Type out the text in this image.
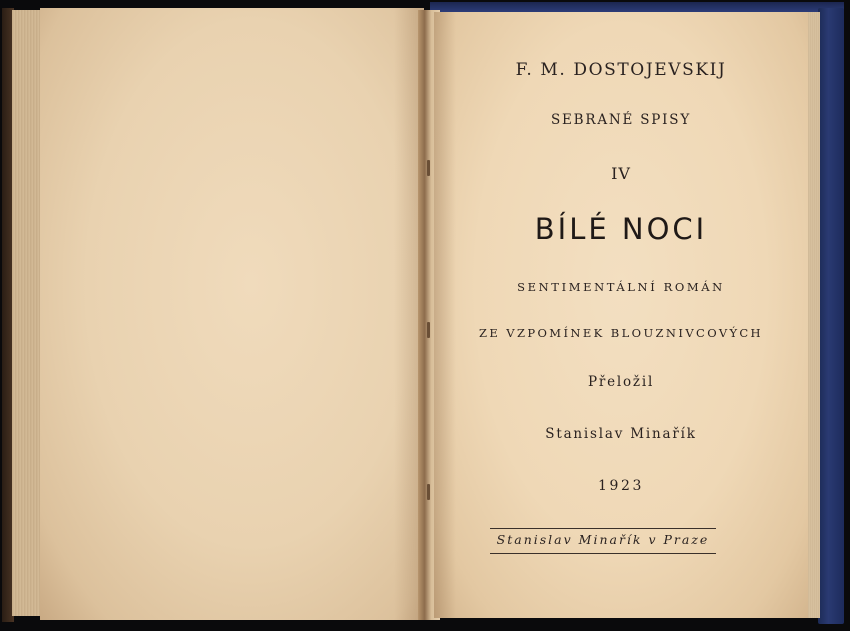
F. M. DOSTOJEVSKIJ
SEBRANÉ SPISY
IV
BÍLÉ NOCI
SENTIMENTÁLNÍ ROMÁN
ZE VZPOMÍNEK BLOUZNIVCOVÝCH
Přeložil
Stanislav Minařík
1923
Stanislav Minařík v Praze
